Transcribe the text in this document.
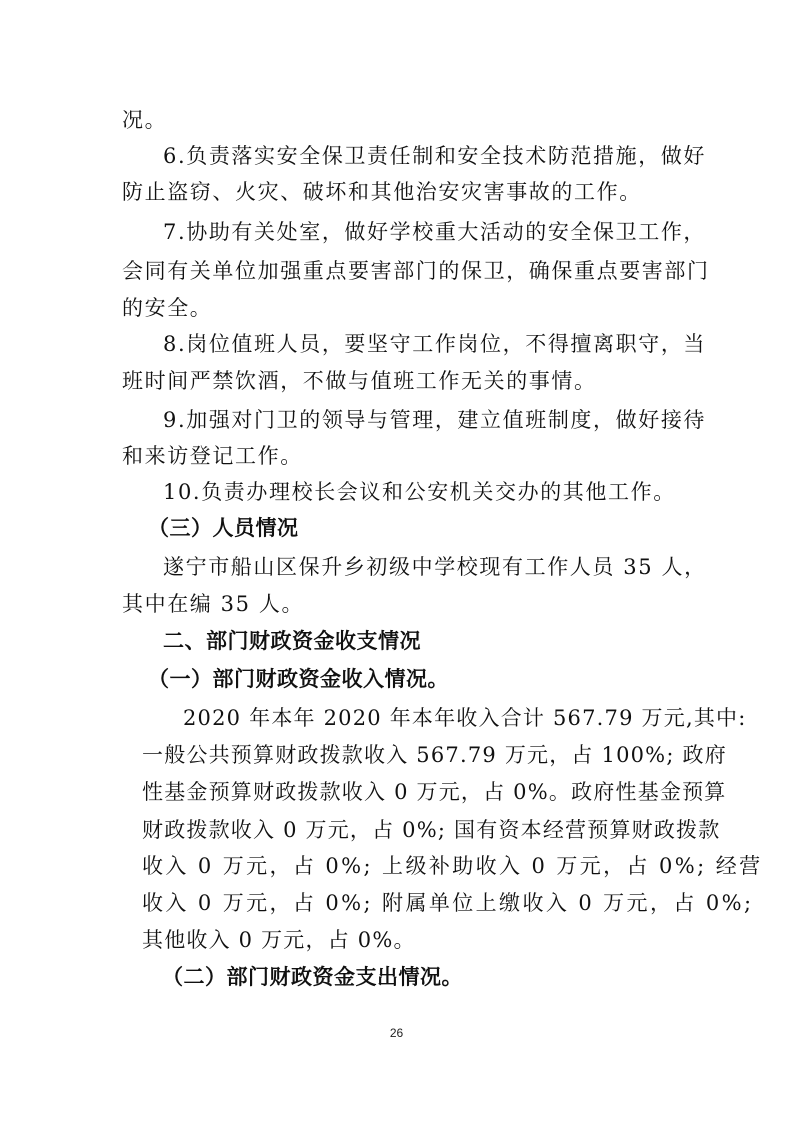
况。
6.负责落实安全保卫责任制和安全技术防范措施，做好
防止盗窃、火灾、破坏和其他治安灾害事故的工作。
7.协助有关处室，做好学校重大活动的安全保卫工作，
会同有关单位加强重点要害部门的保卫，确保重点要害部门
的安全。
8.岗位值班人员，要坚守工作岗位，不得擅离职守，当
班时间严禁饮酒，不做与值班工作无关的事情。
9.加强对门卫的领导与管理，建立值班制度，做好接待
和来访登记工作。
10.负责办理校长会议和公安机关交办的其他工作。
（三）人员情况
遂宁市船山区保升乡初级中学校现有工作人员 35 人，
其中在编 35 人。
二、部门财政资金收支情况
（一）部门财政资金收入情况。
2020 年本年 2020 年本年收入合计 567.79 万元,其中:
一般公共预算财政拨款收入 567.79 万元，占 100%; 政府
性基金预算财政拨款收入 0 万元，占 0%。政府性基金预算
财政拨款收入 0 万元，占 0%; 国有资本经营预算财政拨款
收入 0 万元，占 0%; 上级补助收入 0 万元，占 0%; 经营
收入 0 万元，占 0%; 附属单位上缴收入 0 万元，占 0%;
其他收入 0 万元，占 0%。
（二）部门财政资金支出情况。
26
